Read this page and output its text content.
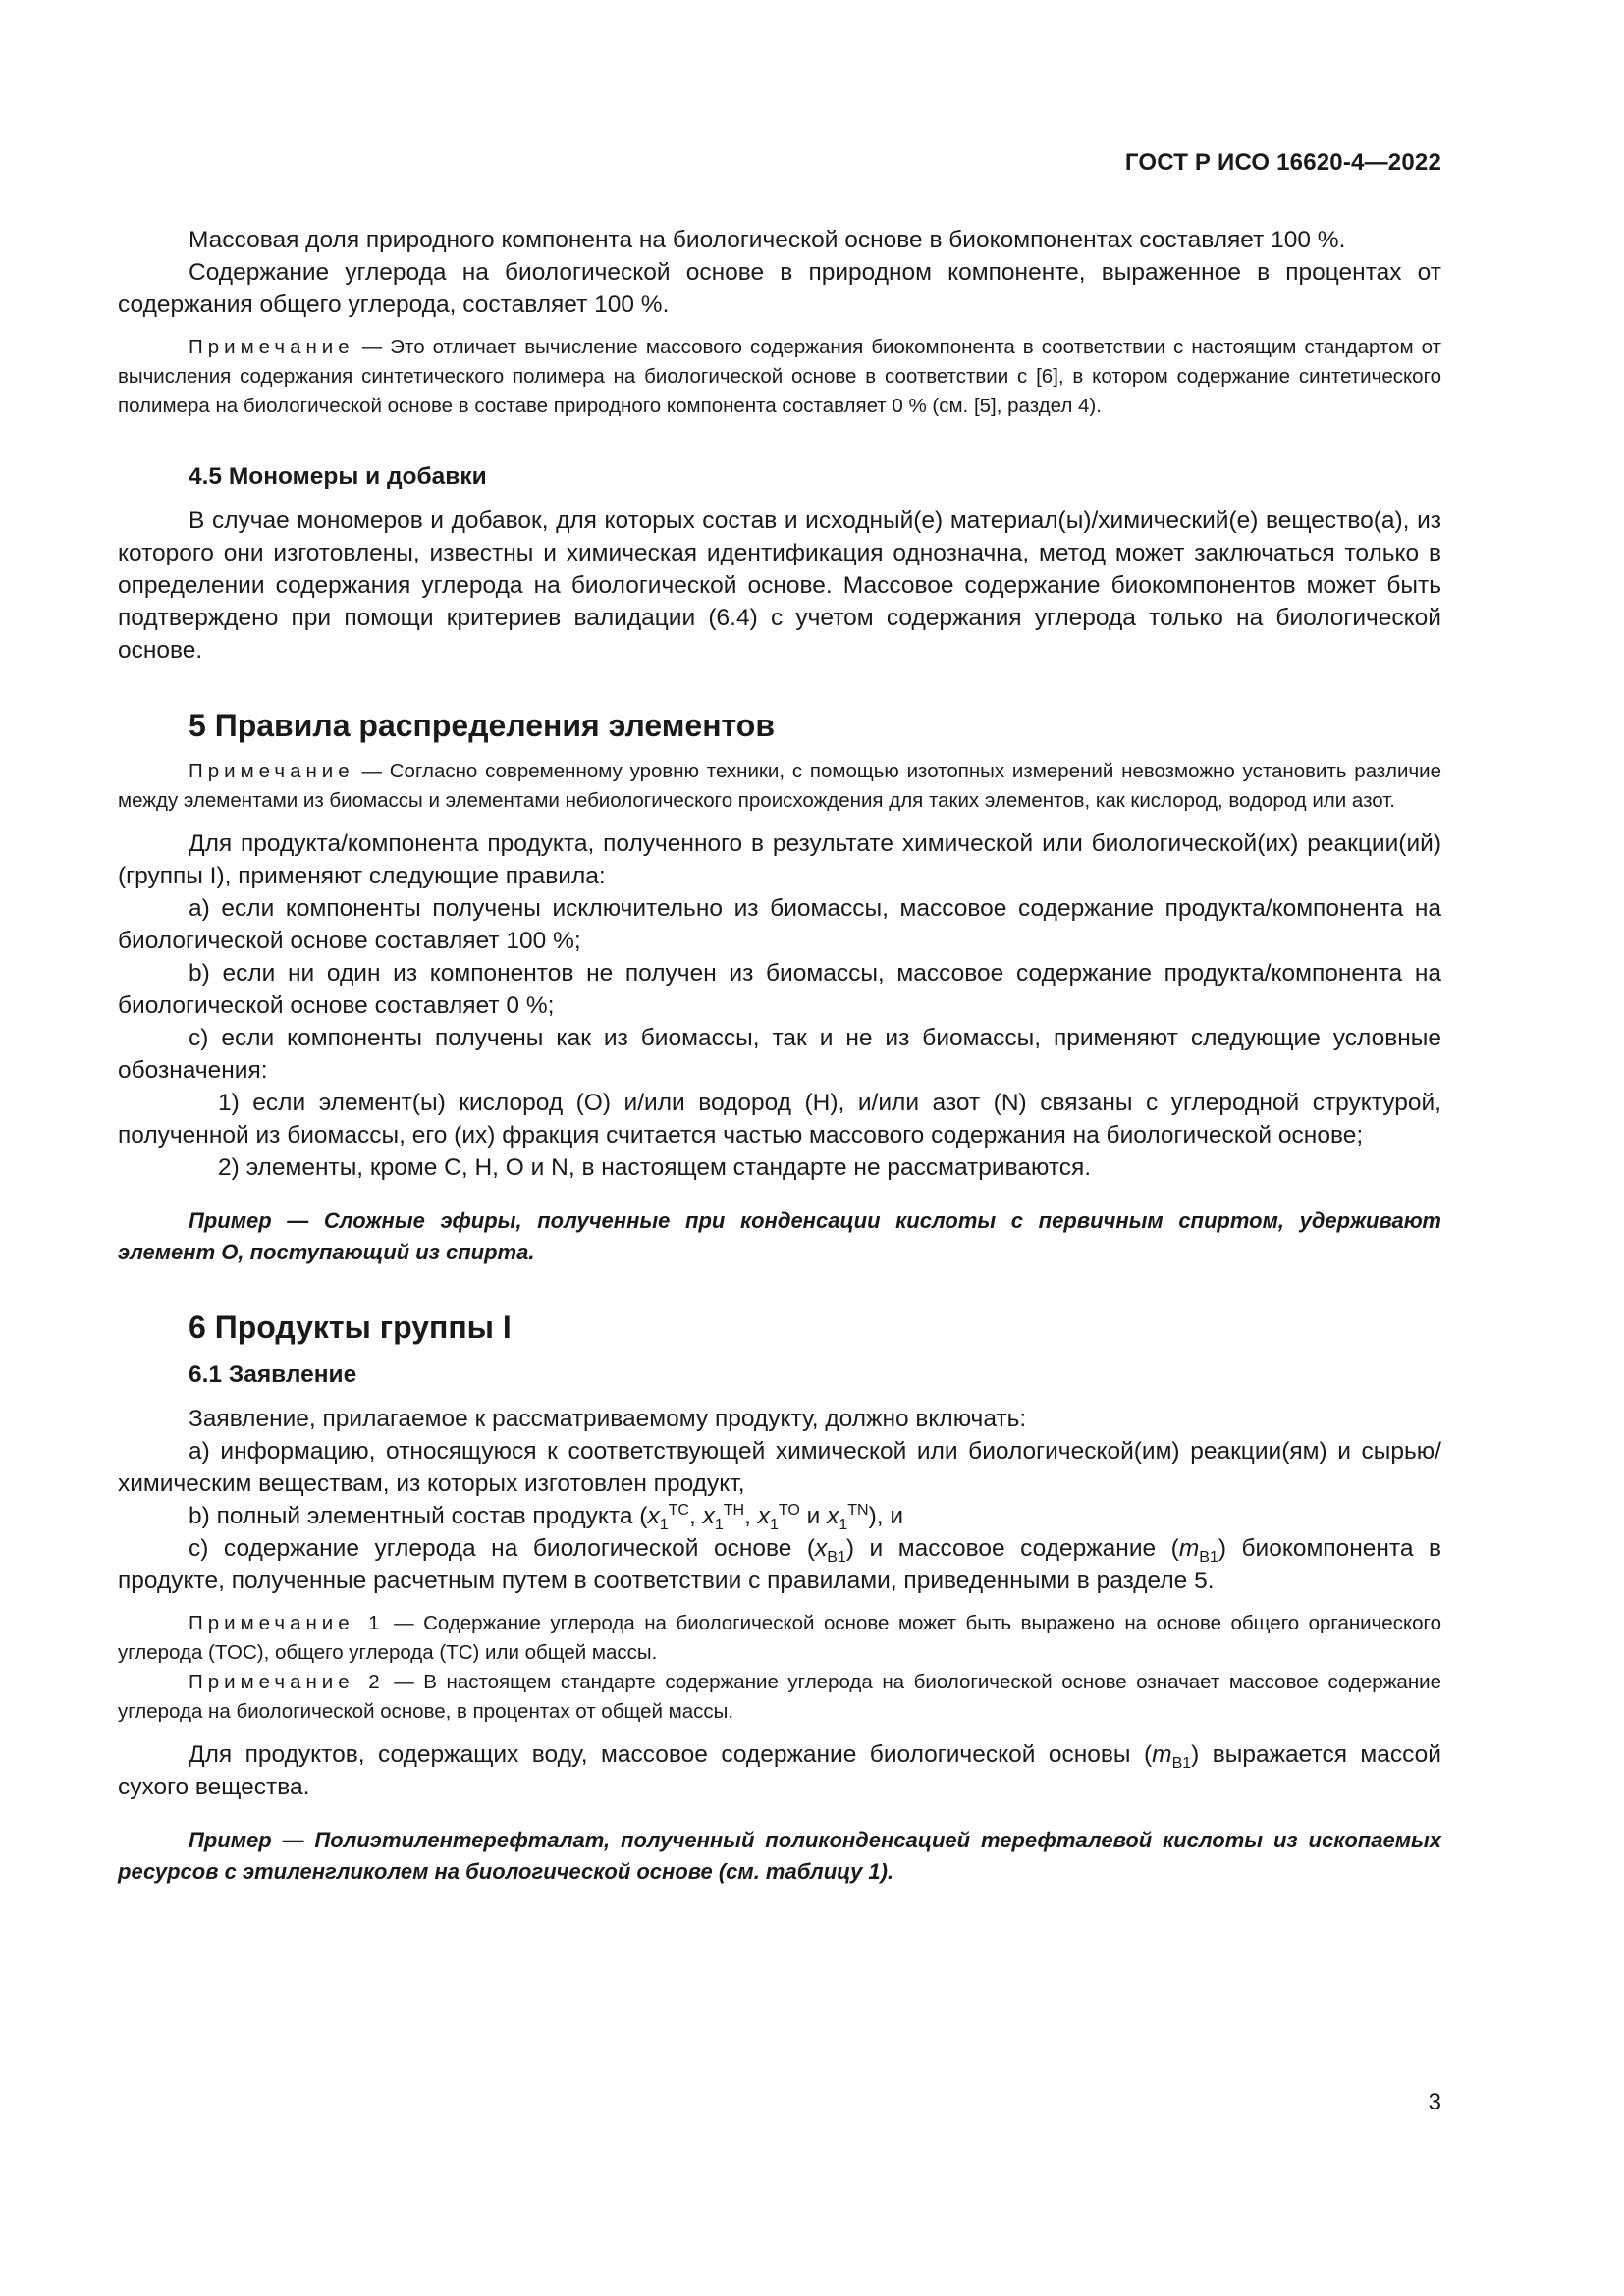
ГОСТ Р ИСО 16620-4—2022

Массовая доля природного компонента на биологической основе в биокомпонентах составляет 100 %.

Содержание углерода на биологической основе в природном компоненте, выраженное в процентах от содержания общего углерода, составляет 100 %.

Примечание — Это отличает вычисление массового содержания биокомпонента в соответствии с настоящим стандартом от вычисления содержания синтетического полимера на биологической основе в соответствии с [6], в котором содержание синтетического полимера на биологической основе в составе природного компонента составляет 0 % (см. [5], раздел 4).

4.5 Мономеры и добавки

В случае мономеров и добавок, для которых состав и исходный(е) материал(ы)/химический(е) вещество(а), из которого они изготовлены, известны и химическая идентификация однозначна, метод может заключаться только в определении содержания углерода на биологической основе. Массовое содержание биокомпонентов может быть подтверждено при помощи критериев валидации (6.4) с учетом содержания углерода только на биологической основе.

5 Правила распределения элементов

Примечание — Согласно современному уровню техники, с помощью изотопных измерений невозможно установить различие между элементами из биомассы и элементами небиологического происхождения для таких элементов, как кислород, водород или азот.

Для продукта/компонента продукта, полученного в результате химической или биологической(их) реакции(ий) (группы I), применяют следующие правила:

a) если компоненты получены исключительно из биомассы, массовое содержание продукта/компонента на биологической основе составляет 100 %;

b) если ни один из компонентов не получен из биомассы, массовое содержание продукта/компонента на биологической основе составляет 0 %;

c) если компоненты получены как из биомассы, так и не из биомассы, применяют следующие условные обозначения:

1) если элемент(ы) кислород (O) и/или водород (H), и/или азот (N) связаны с углеродной структурой, полученной из биомассы, его (их) фракция считается частью массового содержания на биологической основе;

2) элементы, кроме C, H, O и N, в настоящем стандарте не рассматриваются.

Пример — Сложные эфиры, полученные при конденсации кислоты с первичным спиртом, удерживают элемент O, поступающий из спирта.

6 Продукты группы I

6.1 Заявление

Заявление, прилагаемое к рассматриваемому продукту, должно включать:

a) информацию, относящуюся к соответствующей химической или биологической(им) реакции(ям) и сырью/химическим веществам, из которых изготовлен продукт,

b) полный элементный состав продукта ($x_1^{TC}$, $x_1^{TH}$, $x_1^{TO}$ и $x_1^{TN}$), и

c) содержание углерода на биологической основе $(x_{B1})$ и массовое содержание $(m_{B1})$ биокомпонента в продукте, полученные расчетным путем в соответствии с правилами, приведенными в разделе 5.

Примечание 1 — Содержание углерода на биологической основе может быть выражено на основе общего органического углерода (TOC), общего углерода (TC) или общей массы.

Примечание 2 — В настоящем стандарте содержание углерода на биологической основе означает массовое содержание углерода на биологической основе, в процентах от общей массы.

Для продуктов, содержащих воду, массовое содержание биологической основы $(m_{B1})$ выражается массой сухого вещества.

Пример — Полиэтилентерефталат, полученный поликонденсацией терефталевой кислоты из ископаемых ресурсов с этиленгликолем на биологической основе (см. таблицу 1).

3
